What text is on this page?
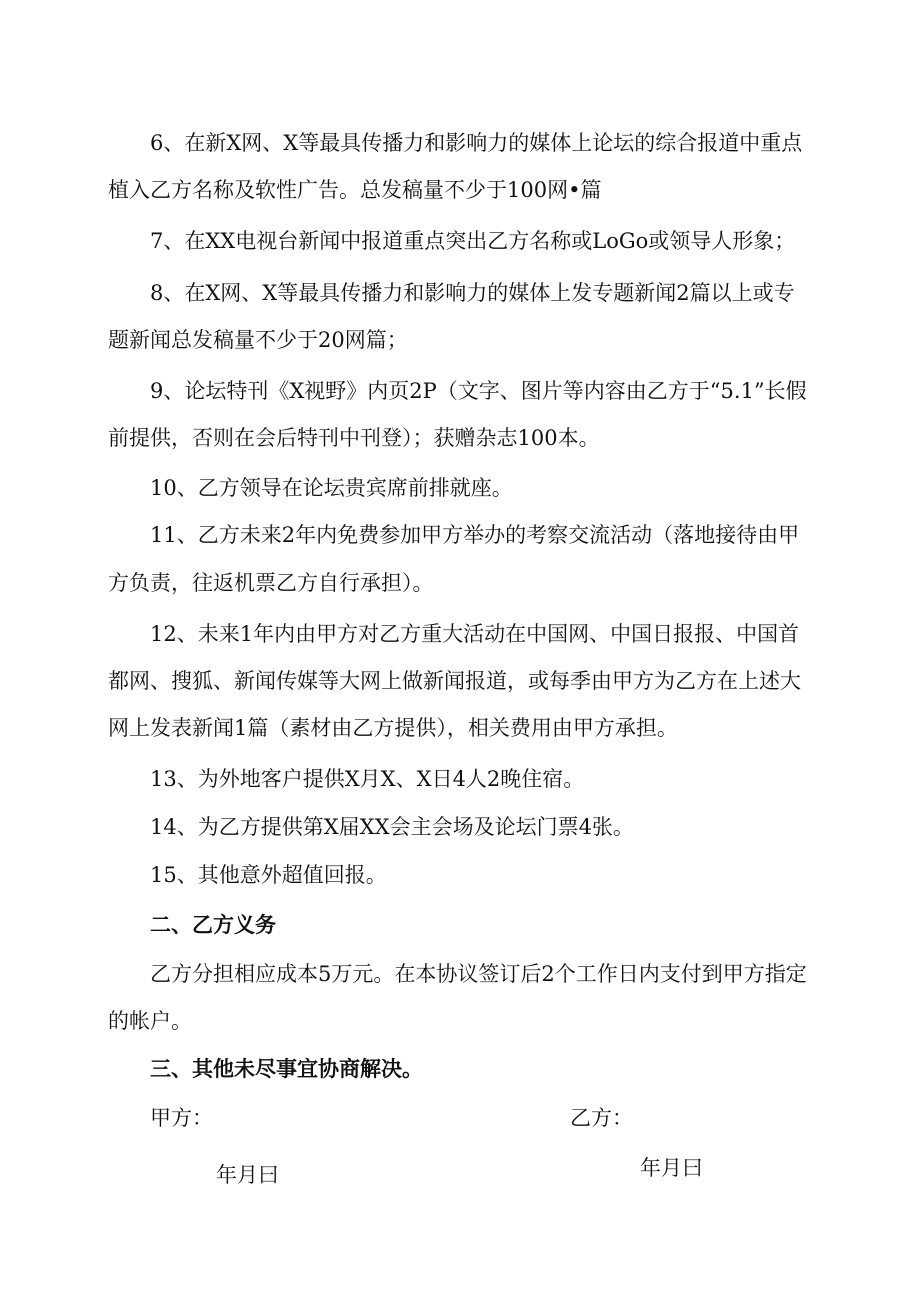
6、在新X网、X等最具传播力和影响力的媒体上论坛的综合报道中重点
植入乙方名称及软性广告。总发稿量不少于100网•篇
7、在XX电视台新闻中报道重点突出乙方名称或LoGo或领导人形象；
8、在X网、X等最具传播力和影响力的媒体上发专题新闻2篇以上或专
题新闻总发稿量不少于20网篇；
9、论坛特刊《X视野》内页2P（文字、图片等内容由乙方于“5.1”长假
前提供，否则在会后特刊中刊登）；获赠杂志100本。
10、乙方领导在论坛贵宾席前排就座。
11、乙方未来2年内免费参加甲方举办的考察交流活动（落地接待由甲
方负责，往返机票乙方自行承担）。
12、未来1年内由甲方对乙方重大活动在中国网、中国日报报、中国首
都网、搜狐、新闻传媒等大网上做新闻报道，或每季由甲方为乙方在上述大
网上发表新闻1篇（素材由乙方提供），相关费用由甲方承担。
13、为外地客户提供X月X、X日4人2晚住宿。
14、为乙方提供第X届XX会主会场及论坛门票4张。
15、其他意外超值回报。
二、乙方义务
乙方分担相应成本5万元。在本协议签订后2个工作日内支付到甲方指定
的帐户。
三、其他未尽事宜协商解决。
甲方：	乙方：
年月曰	年月曰
